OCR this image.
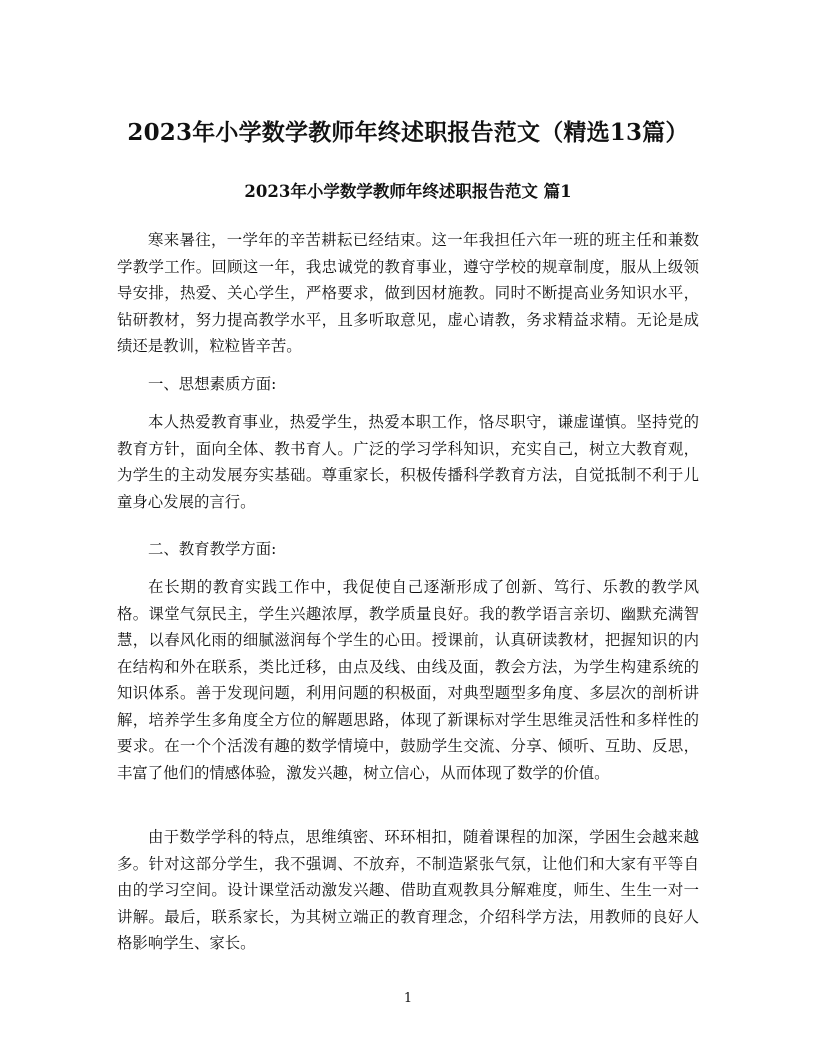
2023年小学数学教师年终述职报告范文（精选13篇）
2023年小学数学教师年终述职报告范文 篇1

寒来暑往，一学年的辛苦耕耘已经结束。这一年我担任六年一班的班主任和兼数学教学工作。回顾这一年，我忠诚党的教育事业，遵守学校的规章制度，服从上级领导安排，热爱、关心学生，严格要求，做到因材施教。同时不断提高业务知识水平，钻研教材，努力提高教学水平，且多听取意见，虚心请教，务求精益求精。无论是成绩还是教训，粒粒皆辛苦。

一、思想素质方面:

本人热爱教育事业，热爱学生，热爱本职工作，恪尽职守，谦虚谨慎。坚持党的教育方针，面向全体、教书育人。广泛的学习学科知识，充实自己，树立大教育观，为学生的主动发展夯实基础。尊重家长，积极传播科学教育方法，自觉抵制不利于儿童身心发展的言行。

二、教育教学方面:

在长期的教育实践工作中，我促使自己逐渐形成了创新、笃行、乐教的教学风格。课堂气氛民主，学生兴趣浓厚，教学质量良好。我的教学语言亲切、幽默充满智慧，以春风化雨的细腻滋润每个学生的心田。授课前，认真研读教材，把握知识的内在结构和外在联系，类比迁移，由点及线、由线及面，教会方法，为学生构建系统的知识体系。善于发现问题，利用问题的积极面，对典型题型多角度、多层次的剖析讲解，培养学生多角度全方位的解题思路，体现了新课标对学生思维灵活性和多样性的要求。在一个个活泼有趣的数学情境中，鼓励学生交流、分享、倾听、互助、反思，丰富了他们的情感体验，激发兴趣，树立信心，从而体现了数学的价值。

由于数学学科的特点，思维缜密、环环相扣，随着课程的加深，学困生会越来越多。针对这部分学生，我不强调、不放弃，不制造紧张气氛，让他们和大家有平等自由的学习空间。设计课堂活动激发兴趣、借助直观教具分解难度，师生、生生一对一讲解。最后，联系家长，为其树立端正的教育理念，介绍科学方法，用教师的良好人格影响学生、家长。

1
